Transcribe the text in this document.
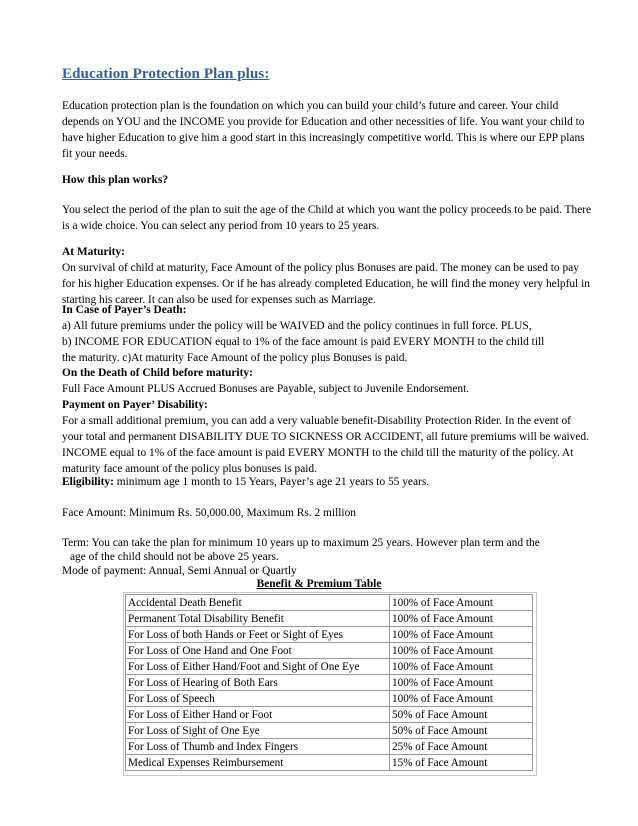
Education Protection Plan plus:
Education protection plan is the foundation on which you can build your child’s future and career. Your child depends on YOU and the INCOME you provide for Education and other necessities of life. You want your child to have higher Education to give him a good start in this increasingly competitive world. This is where our EPP plans fit your needs.
How this plan works?
You select the period of the plan to suit the age of the Child at which you want the policy proceeds to be paid. There is a wide choice. You can select any period from 10 years to 25 years.
At Maturity:
On survival of child at maturity, Face Amount of the policy plus Bonuses are paid. The money can be used to pay for his higher Education expenses. Or if he has already completed Education, he will find the money very helpful in starting his career. It can also be used for expenses such as Marriage.
In Case of Payer’s Death:
a) All future premiums under the policy will be WAIVED and the policy continues in full force. PLUS,
b) INCOME FOR EDUCATION equal to 1% of the face amount is paid EVERY MONTH to the child till
the maturity. c)At maturity Face Amount of the policy plus Bonuses is paid.
On the Death of Child before maturity:
Full Face Amount PLUS Accrued Bonuses are Payable, subject to Juvenile Endorsement.
Payment on Payer’ Disability:
For a small additional premium, you can add a very valuable benefit-Disability Protection Rider. In the event of your total and permanent DISABILITY DUE TO SICKNESS OR ACCIDENT, all future premiums will be waived. INCOME equal to 1% of the face amount is paid EVERY MONTH to the child till the maturity of the policy. At maturity face amount of the policy plus bonuses is paid.
Eligibility: minimum age 1 month to 15 Years, Payer’s age 21 years to 55 years.
Face Amount: Minimum Rs. 50,000.00, Maximum Rs. 2 million
Term: You can take the plan for minimum 10 years up to maximum 25 years. However plan term and the
age of the child should not be above 25 years.
Mode of payment: Annual, Semi Annual or Quartly
Benefit & Premium Table
Accidental Death Benefit	100% of Face Amount
Permanent Total Disability Benefit	100% of Face Amount
For Loss of both Hands or Feet or Sight of Eyes	100% of Face Amount
For Loss of One Hand and One Foot	100% of Face Amount
For Loss of Either Hand/Foot and Sight of One Eye	100% of Face Amount
For Loss of Hearing of Both Ears	100% of Face Amount
For Loss of Speech	100% of Face Amount
For Loss of Either Hand or Foot	50% of Face Amount
For Loss of Sight of One Eye	50% of Face Amount
For Loss of Thumb and Index Fingers	25% of Face Amount
Medical Expenses Reimbursement	15% of Face Amount
